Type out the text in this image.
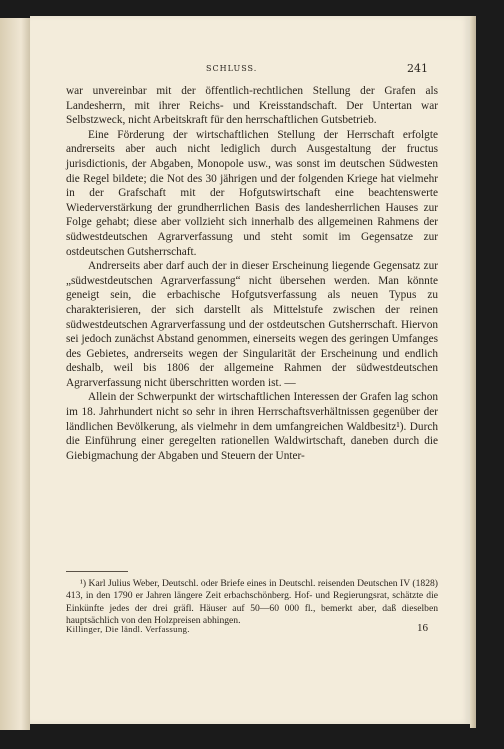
SCHLUSS.	241

war unvereinbar mit der öffentlich-rechtlichen Stellung der Grafen als Landesherrn, mit ihrer Reichs- und Kreisstandschaft. Der Untertan war Selbstzweck, nicht Arbeitskraft für den herrschaftlichen Gutsbetrieb.

Eine Förderung der wirtschaftlichen Stellung der Herrschaft erfolgte andrerseits aber auch nicht lediglich durch Ausgestaltung der fructus jurisdictionis, der Abgaben, Monopole usw., was sonst im deutschen Südwesten die Regel bildete; die Not des 30 jährigen und der folgenden Kriege hat vielmehr in der Grafschaft mit der Hofgutswirtschaft eine beachtenswerte Wiederverstärkung der grundherrlichen Basis des landesherrlichen Hauses zur Folge gehabt; diese aber vollzieht sich innerhalb des allgemeinen Rahmens der südwestdeutschen Agrarverfassung und steht somit im Gegensatze zur ostdeutschen Gutsherrschaft.

Andrerseits aber darf auch der in dieser Erscheinung liegende Gegensatz zur „südwestdeutschen Agrarverfassung“ nicht übersehen werden. Man könnte geneigt sein, die erbachische Hofgutsverfassung als neuen Typus zu charakterisieren, der sich darstellt als Mittelstufe zwischen der reinen südwestdeutschen Agrarverfassung und der ostdeutschen Gutsherrschaft. Hiervon sei jedoch zunächst Abstand genommen, einerseits wegen des geringen Umfanges des Gebietes, andrerseits wegen der Singularität der Erscheinung und endlich deshalb, weil bis 1806 der allgemeine Rahmen der südwestdeutschen Agrarverfassung nicht überschritten worden ist. —

Allein der Schwerpunkt der wirtschaftlichen Interessen der Grafen lag schon im 18. Jahrhundert nicht so sehr in ihren Herrschaftsverhältnissen gegenüber der ländlichen Bevölkerung, als vielmehr in dem umfangreichen Waldbesitz¹). Durch die Einführung einer geregelten rationellen Waldwirtschaft, daneben durch die Giebigmachung der Abgaben und Steuern der Unter-

¹) Karl Julius Weber, Deutschl. oder Briefe eines in Deutschl. reisenden Deutschen IV (1828) 413, in den 1790 er Jahren längere Zeit erbachschönberg. Hof- und Regierungsrat, schätzte die Einkünfte jedes der drei gräfl. Häuser auf 50—60 000 fl., bemerkt aber, daß dieselben hauptsächlich von den Holzpreisen abhingen.
Killinger, Die ländl. Verfassung.	16
